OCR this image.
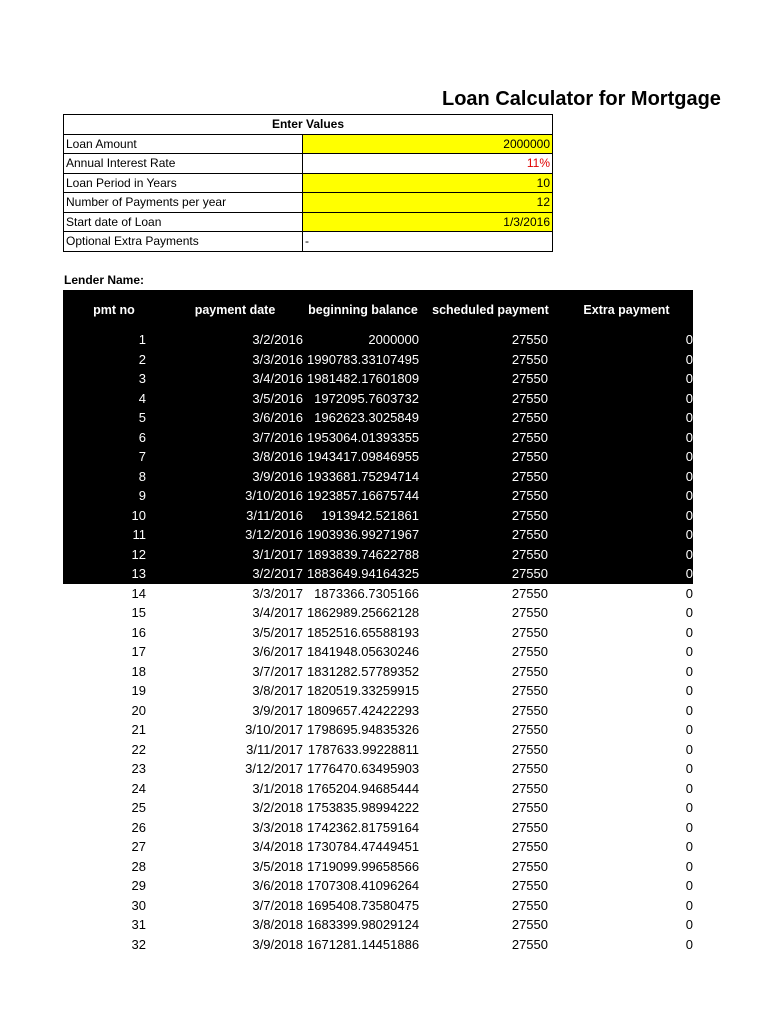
Loan Calculator for Mortgage
Enter Values	
Loan Amount	2000000
Annual Interest Rate	11%
Loan Period in Years	10
Number of Payments per year	12
Start date of Loan	1/3/2016
Optional Extra Payments	-
Lender Name:
pmt no	payment date	beginning balance	scheduled payment	Extra payment
1	3/2/2016	2000000	27550	0
2	3/3/2016	1990783.33107495	27550	0
3	3/4/2016	1981482.17601809	27550	0
4	3/5/2016	1972095.7603732	27550	0
5	3/6/2016	1962623.3025849	27550	0
6	3/7/2016	1953064.01393355	27550	0
7	3/8/2016	1943417.09846955	27550	0
8	3/9/2016	1933681.75294714	27550	0
9	3/10/2016	1923857.16675744	27550	0
10	3/11/2016	1913942.521861	27550	0
11	3/12/2016	1903936.99271967	27550	0
12	3/1/2017	1893839.74622788	27550	0
13	3/2/2017	1883649.94164325	27550	0
14	3/3/2017	1873366.7305166	27550	0
15	3/4/2017	1862989.25662128	27550	0
16	3/5/2017	1852516.65588193	27550	0
17	3/6/2017	1841948.05630246	27550	0
18	3/7/2017	1831282.57789352	27550	0
19	3/8/2017	1820519.33259915	27550	0
20	3/9/2017	1809657.42422293	27550	0
21	3/10/2017	1798695.94835326	27550	0
22	3/11/2017	1787633.99228811	27550	0
23	3/12/2017	1776470.63495903	27550	0
24	3/1/2018	1765204.94685444	27550	0
25	3/2/2018	1753835.98994222	27550	0
26	3/3/2018	1742362.81759164	27550	0
27	3/4/2018	1730784.47449451	27550	0
28	3/5/2018	1719099.99658566	27550	0
29	3/6/2018	1707308.41096264	27550	0
30	3/7/2018	1695408.73580475	27550	0
31	3/8/2018	1683399.98029124	27550	0
32	3/9/2018	1671281.14451886	27550	0
